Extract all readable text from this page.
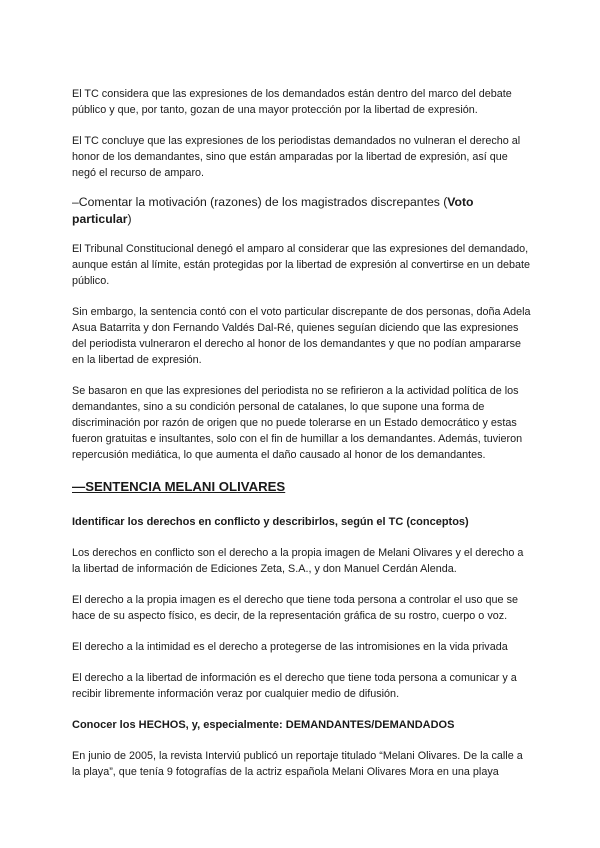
El TC considera que las expresiones de los demandados están dentro del marco del debate público y que, por tanto, gozan de una mayor protección por la libertad de expresión.

El TC concluye que las expresiones de los periodistas demandados no vulneran el derecho al honor de los demandantes, sino que están amparadas por la libertad de expresión, así que negó el recurso de amparo.

–Comentar la motivación (razones) de los magistrados discrepantes (Voto particular)

El Tribunal Constitucional denegó el amparo al considerar que las expresiones del demandado, aunque están al límite, están protegidas por la libertad de expresión al convertirse en un debate público.

Sin embargo, la sentencia contó con el voto particular discrepante de dos personas, doña Adela Asua Batarrita y don Fernando Valdés Dal-Ré, quienes seguían diciendo que las expresiones del periodista vulneraron el derecho al honor de los demandantes y que no podían ampararse en la libertad de expresión.

Se basaron en que las expresiones del periodista no se refirieron a la actividad política de los demandantes, sino a su condición personal de catalanes, lo que supone una forma de discriminación por razón de origen que no puede tolerarse en un Estado democrático y estas fueron gratuitas e insultantes, solo con el fin de humillar a los demandantes. Además, tuvieron repercusión mediática, lo que aumenta el daño causado al honor de los demandantes.

—SENTENCIA MELANI OLIVARES

Identificar los derechos en conflicto y describirlos, según el TC (conceptos)

Los derechos en conflicto son el derecho a la propia imagen de Melani Olivares y el derecho a la libertad de información de Ediciones Zeta, S.A., y don Manuel Cerdán Alenda.

El derecho a la propia imagen es el derecho que tiene toda persona a controlar el uso que se hace de su aspecto físico, es decir, de la representación gráfica de su rostro, cuerpo o voz.

El derecho a la intimidad es el derecho a protegerse de las intromisiones en la vida privada

El derecho a la libertad de información es el derecho que tiene toda persona a comunicar y a recibir libremente información veraz por cualquier medio de difusión.

Conocer los HECHOS, y, especialmente: DEMANDANTES/DEMANDADOS

En junio de 2005, la revista Interviú publicó un reportaje titulado “Melani Olivares. De la calle a la playa”, que tenía 9 fotografías de la actriz española Melani Olivares Mora en una playa
